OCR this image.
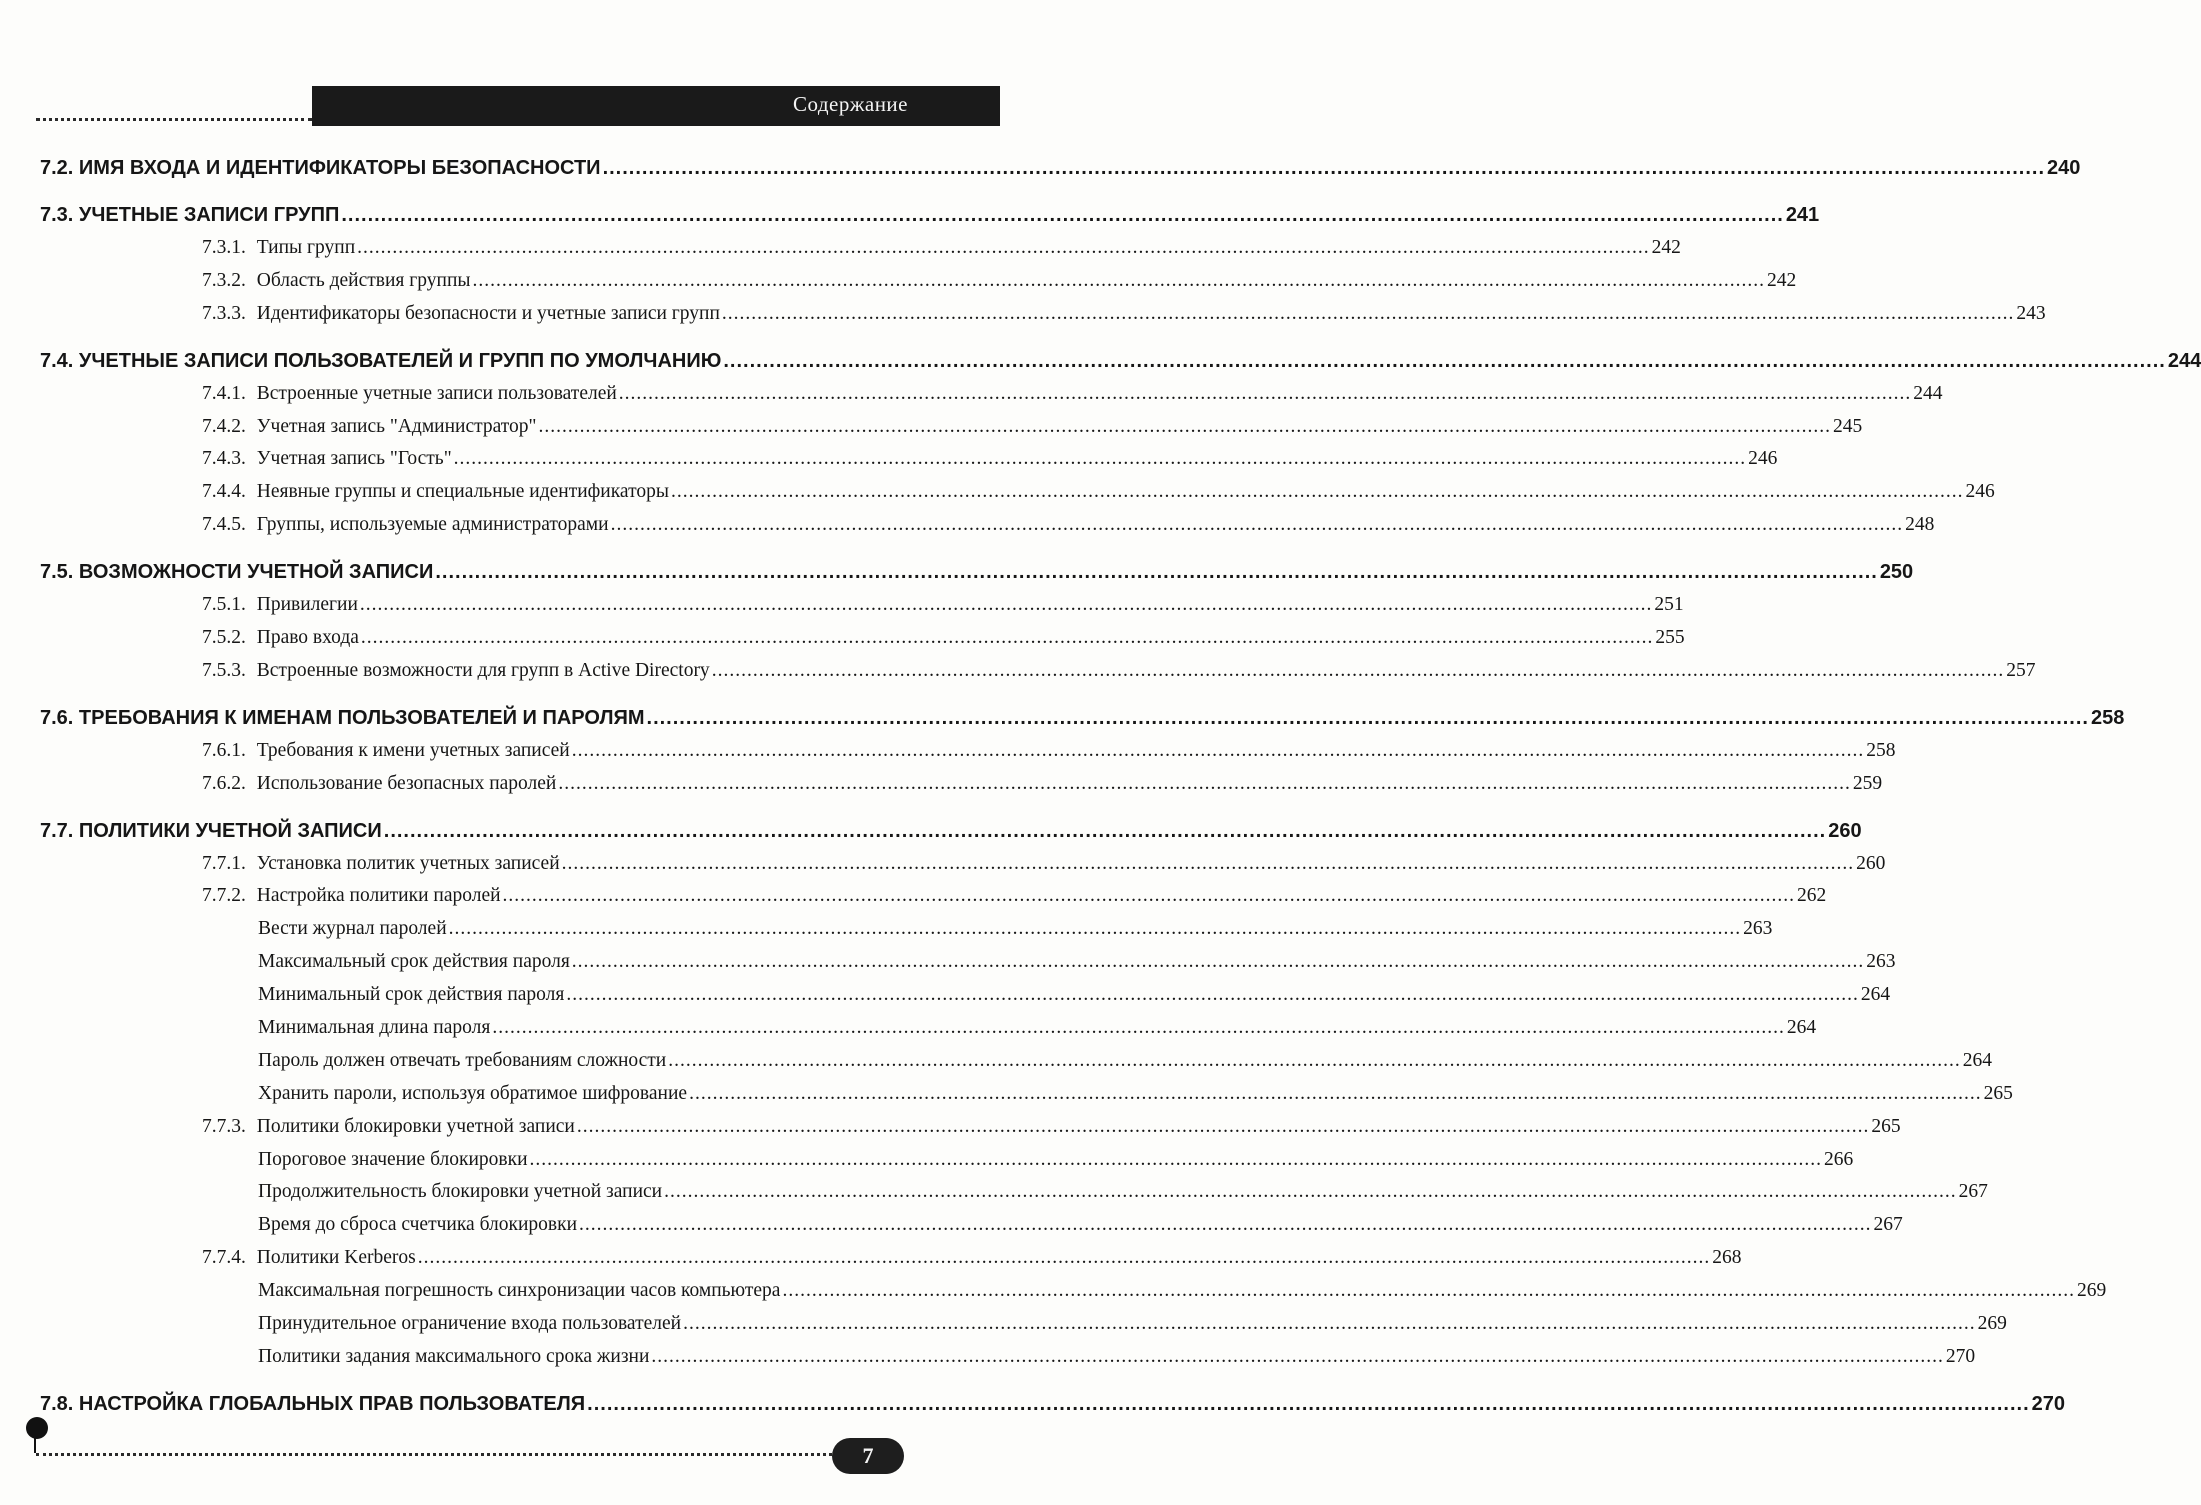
Содержание
7.2. ИМЯ ВХОДА И ИДЕНТИФИКАТОРЫ БЕЗОПАСНОСТИ ............................................................................................................................................................................................................................ 240
7.3. УЧЕТНЫЕ ЗАПИСИ ГРУПП ............................................................................................................................................................................................................................ 241
7.3.1. Типы групп ............................................................................................................................................................................................................................ 242
7.3.2. Область действия группы ............................................................................................................................................................................................................................ 242
7.3.3. Идентификаторы безопасности и учетные записи групп ............................................................................................................................................................................................................................ 243
7.4. УЧЕТНЫЕ ЗАПИСИ ПОЛЬЗОВАТЕЛЕЙ И ГРУПП ПО УМОЛЧАНИЮ ............................................................................................................................................................................................................................ 244
7.4.1. Встроенные учетные записи пользователей ............................................................................................................................................................................................................................ 244
7.4.2. Учетная запись "Администратор" ............................................................................................................................................................................................................................ 245
7.4.3. Учетная запись "Гость" ............................................................................................................................................................................................................................ 246
7.4.4. Неявные группы и специальные идентификаторы ............................................................................................................................................................................................................................ 246
7.4.5. Группы, используемые администраторами ............................................................................................................................................................................................................................ 248
7.5. ВОЗМОЖНОСТИ УЧЕТНОЙ ЗАПИСИ ............................................................................................................................................................................................................................ 250
7.5.1. Привилегии ............................................................................................................................................................................................................................ 251
7.5.2. Право входа ............................................................................................................................................................................................................................ 255
7.5.3. Встроенные возможности для групп в Active Directory ............................................................................................................................................................................................................................ 257
7.6. ТРЕБОВАНИЯ К ИМЕНАМ ПОЛЬЗОВАТЕЛЕЙ И ПАРОЛЯМ ............................................................................................................................................................................................................................ 258
7.6.1. Требования к имени учетных записей ............................................................................................................................................................................................................................ 258
7.6.2. Использование безопасных паролей ............................................................................................................................................................................................................................ 259
7.7. ПОЛИТИКИ УЧЕТНОЙ ЗАПИСИ ............................................................................................................................................................................................................................ 260
7.7.1. Установка политик учетных записей ............................................................................................................................................................................................................................ 260
7.7.2. Настройка политики паролей ............................................................................................................................................................................................................................ 262
Вести журнал паролей ............................................................................................................................................................................................................................ 263
Максимальный срок действия пароля ............................................................................................................................................................................................................................ 263
Минимальный срок действия пароля ............................................................................................................................................................................................................................ 264
Минимальная длина пароля ............................................................................................................................................................................................................................ 264
Пароль должен отвечать требованиям сложности ............................................................................................................................................................................................................................ 264
Хранить пароли, используя обратимое шифрование ............................................................................................................................................................................................................................ 265
7.7.3. Политики блокировки учетной записи ............................................................................................................................................................................................................................ 265
Пороговое значение блокировки ............................................................................................................................................................................................................................ 266
Продолжительность блокировки учетной записи ............................................................................................................................................................................................................................ 267
Время до сброса счетчика блокировки ............................................................................................................................................................................................................................ 267
7.7.4. Политики Kerberos ............................................................................................................................................................................................................................ 268
Максимальная погрешность синхронизации часов компьютера ............................................................................................................................................................................................................................ 269
Принудительное ограничение входа пользователей ............................................................................................................................................................................................................................ 269
Политики задания максимального срока жизни ............................................................................................................................................................................................................................ 270
7.8. НАСТРОЙКА ГЛОБАЛЬНЫХ ПРАВ ПОЛЬЗОВАТЕЛЯ ............................................................................................................................................................................................................................ 270
7
